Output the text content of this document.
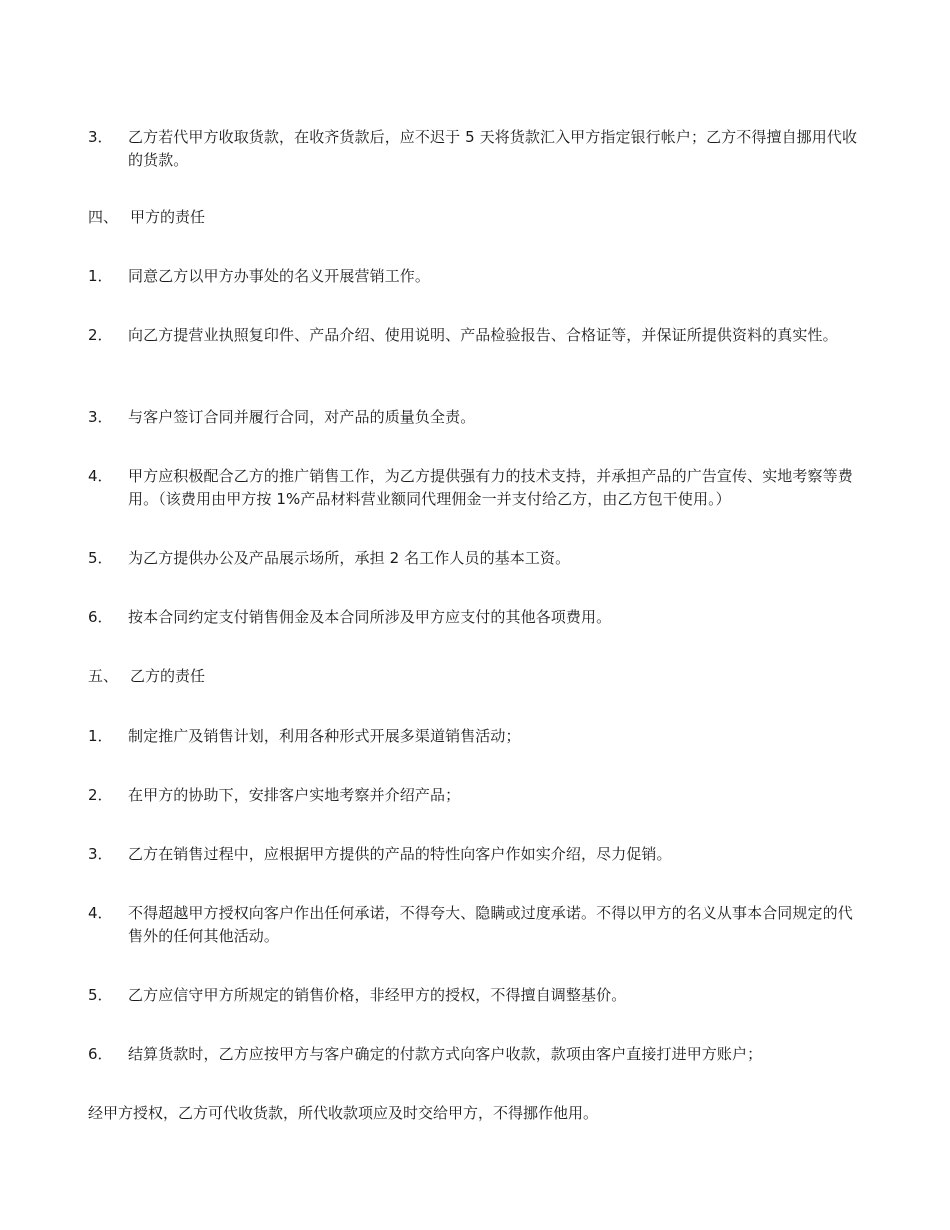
3．	乙方若代甲方收取货款，在收齐货款后，应不迟于 5 天将货款汇入甲方指定银行帐户；乙方不得擅自挪用代收的货款。
四、 甲方的责任
1．	同意乙方以甲方办事处的名义开展营销工作。
2．	向乙方提营业执照复印件、产品介绍、使用说明、产品检验报告、合格证等，并保证所提供资料的真实性。
3．	与客户签订合同并履行合同，对产品的质量负全责。
4．	甲方应积极配合乙方的推广销售工作，为乙方提供强有力的技术支持，并承担产品的广告宣传、实地考察等费用。（该费用由甲方按 1%产品材料营业额同代理佣金一并支付给乙方，由乙方包干使用。）
5．	为乙方提供办公及产品展示场所，承担 2 名工作人员的基本工资。
6．	按本合同约定支付销售佣金及本合同所涉及甲方应支付的其他各项费用。
五、 乙方的责任
1．	制定推广及销售计划，利用各种形式开展多渠道销售活动；
2．	在甲方的协助下，安排客户实地考察并介绍产品；
3．	乙方在销售过程中，应根据甲方提供的产品的特性向客户作如实介绍，尽力促销。
4．	不得超越甲方授权向客户作出任何承诺，不得夸大、隐瞒或过度承诺。不得以甲方的名义从事本合同规定的代售外的任何其他活动。
5．	乙方应信守甲方所规定的销售价格，非经甲方的授权，不得擅自调整基价。
6．	结算货款时，乙方应按甲方与客户确定的付款方式向客户收款，款项由客户直接打进甲方账户；
经甲方授权，乙方可代收货款，所代收款项应及时交给甲方，不得挪作他用。
